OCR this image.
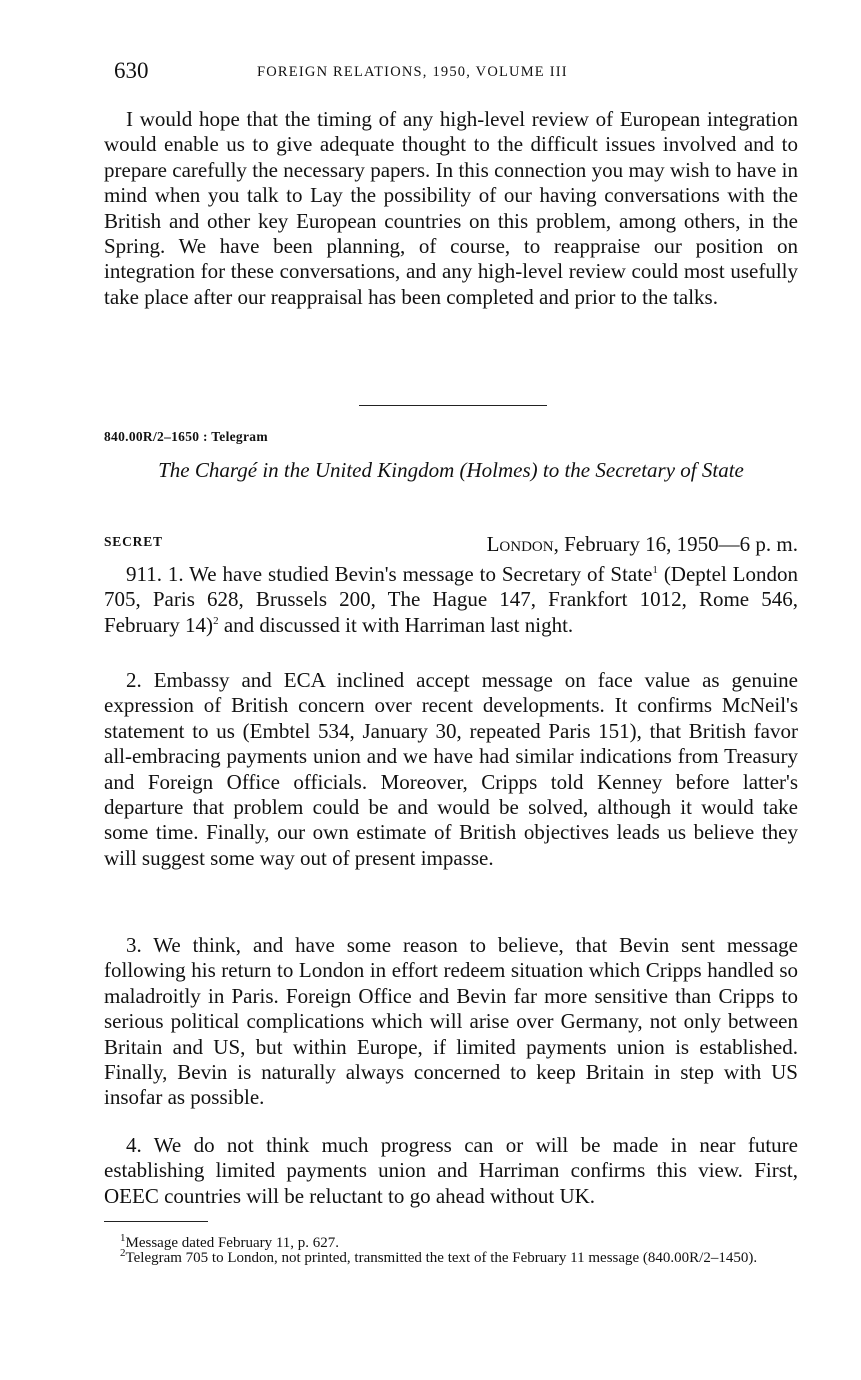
630	FOREIGN RELATIONS, 1950, VOLUME III

I would hope that the timing of any high-level review of European integration would enable us to give adequate thought to the difficult issues involved and to prepare carefully the necessary papers. In this connection you may wish to have in mind when you talk to Lay the possibility of our having conversations with the British and other key European countries on this problem, among others, in the Spring. We have been planning, of course, to reappraise our position on integration for these conversations, and any high-level review could most usefully take place after our reappraisal has been completed and prior to the talks.

840.00R/2–1650 : Telegram

The Chargé in the United Kingdom (Holmes) to the Secretary of State

SECRET	London, February 16, 1950—6 p. m.

911. 1. We have studied Bevin's message to Secretary of State$^1$ (Deptel London 705, Paris 628, Brussels 200, The Hague 147, Frankfort 1012, Rome 546, February 14)$^2$ and discussed it with Harriman last night.

2. Embassy and ECA inclined accept message on face value as genuine expression of British concern over recent developments. It confirms McNeil's statement to us (Embtel 534, January 30, repeated Paris 151), that British favor all-embracing payments union and we have had similar indications from Treasury and Foreign Office officials. Moreover, Cripps told Kenney before latter's departure that problem could be and would be solved, although it would take some time. Finally, our own estimate of British objectives leads us believe they will suggest some way out of present impasse.

3. We think, and have some reason to believe, that Bevin sent message following his return to London in effort redeem situation which Cripps handled so maladroitly in Paris. Foreign Office and Bevin far more sensitive than Cripps to serious political complications which will arise over Germany, not only between Britain and US, but within Europe, if limited payments union is established. Finally, Bevin is naturally always concerned to keep Britain in step with US insofar as possible.

4. We do not think much progress can or will be made in near future establishing limited payments union and Harriman confirms this view. First, OEEC countries will be reluctant to go ahead without UK.

$^1$Message dated February 11, p. 627.

$^2$Telegram 705 to London, not printed, transmitted the text of the February 11 message (840.00R/2–1450).
